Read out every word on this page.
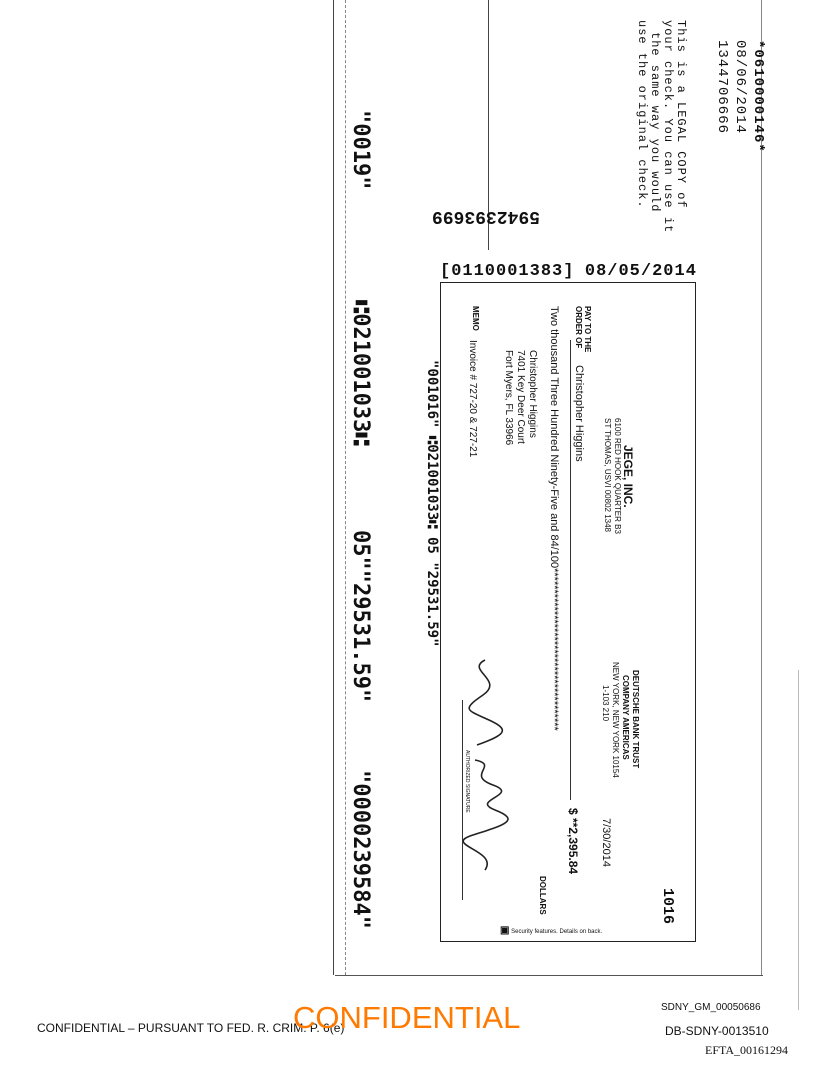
*0610000146*
08/06/2014
1344706666
This is a LEGAL COPY of
your check. You can use it
the same way you would
use the original check.
5942393699
[0110001383] 08/05/2014
"0019"
⑆021001033⑆
05""29531.59"
"0000239584"
"001016" ⑆021001033⑆ 05 "29531.59"
1016
JEGE, INC.
6100 RED HOOK QUARTER B3
ST THOMAS, USVI 00802 1348
DEUTSCHE BANK TRUST
COMPANY AMERICAS
NEW YORK, NEW YORK 10154
1-103 210
7/30/2014
PAY TO THE
ORDER OF
Christopher Higgins
$ **2,395.84
Two thousand Three Hundred Ninety-Five and 84/100**************************************
DOLLARS
Christopher Higgins
7401 Key Deer Court
Fort Myers, FL 33966
MEMO
Invoice # 727-20 & 727-21
AUTHORIZED SIGNATURE
▣ Security features. Details on back.
CONFIDENTIAL – PURSUANT TO FED. R. CRIM. P. 6(e)
CONFIDENTIAL	SDNY_GM_00050686
DB-SDNY-0013510
EFTA_00161294
